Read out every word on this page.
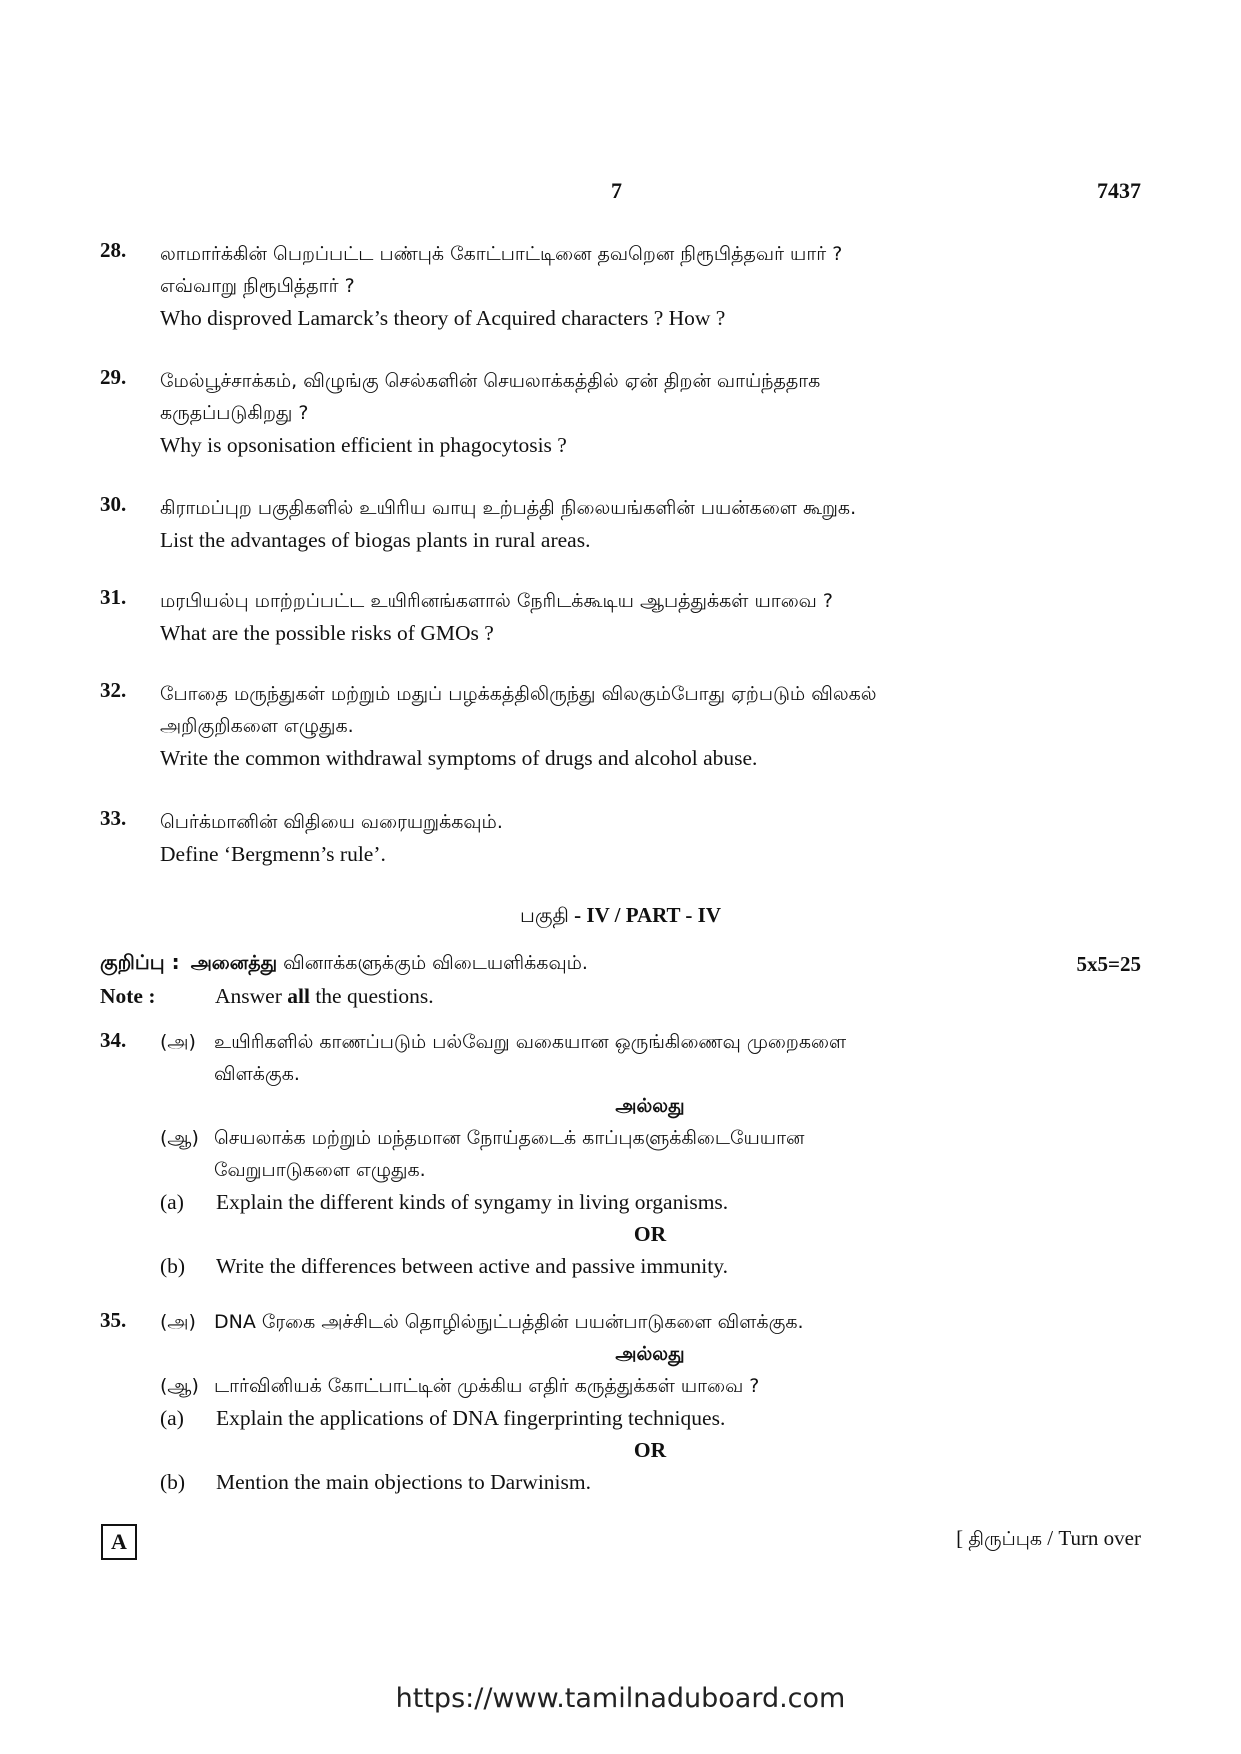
7	7437
28. லாமார்க்கின் பெறப்பட்ட பண்புக் கோட்பாட்டினை தவறென நிரூபித்தவர் யார் ?
எவ்வாறு நிரூபித்தார் ?
Who disproved Lamarck’s theory of Acquired characters ? How ?
29. மேல்பூச்சாக்கம், விழுங்கு செல்களின் செயலாக்கத்தில் ஏன் திறன் வாய்ந்ததாக
கருதப்படுகிறது ?
Why is opsonisation efficient in phagocytosis ?
30. கிராமப்புற பகுதிகளில் உயிரிய வாயு உற்பத்தி நிலையங்களின் பயன்களை கூறுக.
List the advantages of biogas plants in rural areas.
31. மரபியல்பு மாற்றப்பட்ட உயிரினங்களால் நேரிடக்கூடிய ஆபத்துக்கள் யாவை ?
What are the possible risks of GMOs ?
32. போதை மருந்துகள் மற்றும் மதுப் பழக்கத்திலிருந்து விலகும்போது ஏற்படும் விலகல்
அறிகுறிகளை எழுதுக.
Write the common withdrawal symptoms of drugs and alcohol abuse.
33. பெர்க்மானின் விதியை வரையறுக்கவும்.
Define ‘Bergmenn’s rule’.
பகுதி - IV / PART - IV
குறிப்பு : அனைத்து வினாக்களுக்கும் விடையளிக்கவும்.	5x5=25
Note :	Answer all the questions.
34. (அ) உயிரிகளில் காணப்படும் பல்வேறு வகையான ஒருங்கிணைவு முறைகளை
விளக்குக.
அல்லது
(ஆ) செயலாக்க மற்றும் மந்தமான நோய்தடைக் காப்புகளுக்கிடையேயான
வேறுபாடுகளை எழுதுக.
(a) Explain the different kinds of syngamy in living organisms.
OR
(b) Write the differences between active and passive immunity.
35. (அ) DNA ரேகை அச்சிடல் தொழில்நுட்பத்தின் பயன்பாடுகளை விளக்குக.
அல்லது
(ஆ) டார்வினியக் கோட்பாட்டின் முக்கிய எதிர் கருத்துக்கள் யாவை ?
(a) Explain the applications of DNA fingerprinting techniques.
OR
(b) Mention the main objections to Darwinism.
A	[ திருப்புக / Turn over
https://www.tamilnaduboard.com
